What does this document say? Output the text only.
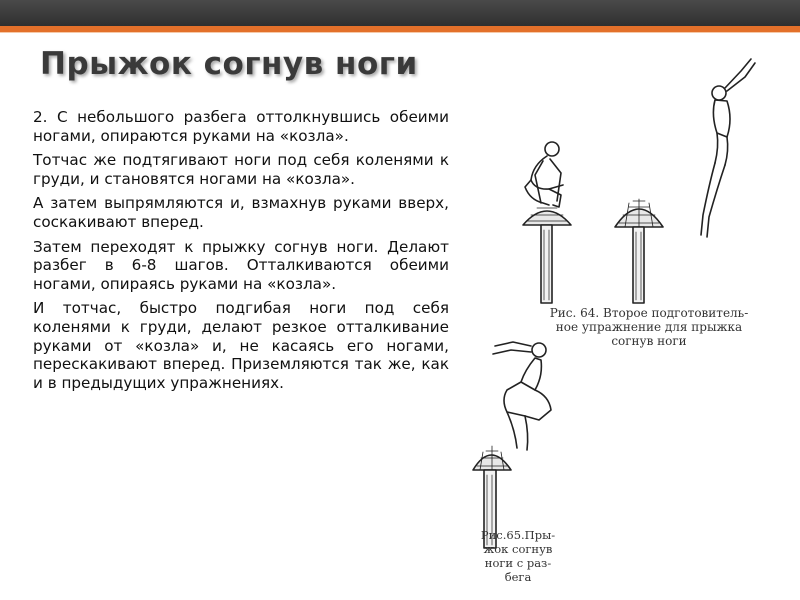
Прыжок согнув ноги

2. С небольшого разбега оттолкнувшись обеими ногами, опираются руками на «козла».

Тотчас же подтягивают ноги под себя коленями к груди, и становятся ногами на «козла».

А затем выпрямляются и, взмахнув руками вверх, соскакивают вперед.

Затем переходят к прыжку согнув ноги. Делают разбег в 6-8 шагов. Отталкиваются обеими ногами, опираясь руками на «козла».

И тотчас, быстро подгибая ноги под себя коленями к груди, делают резкое отталкивание руками от «козла» и, не касаясь его ногами, перескакивают вперед. Приземляются так же, как и в предыдущих упражнениях.

Рис. 64. Второе подготовитель-
ное упражнение для прыжка
согнув ноги
Рис.65.Пры-
жок согнув
ноги с раз-
бега
